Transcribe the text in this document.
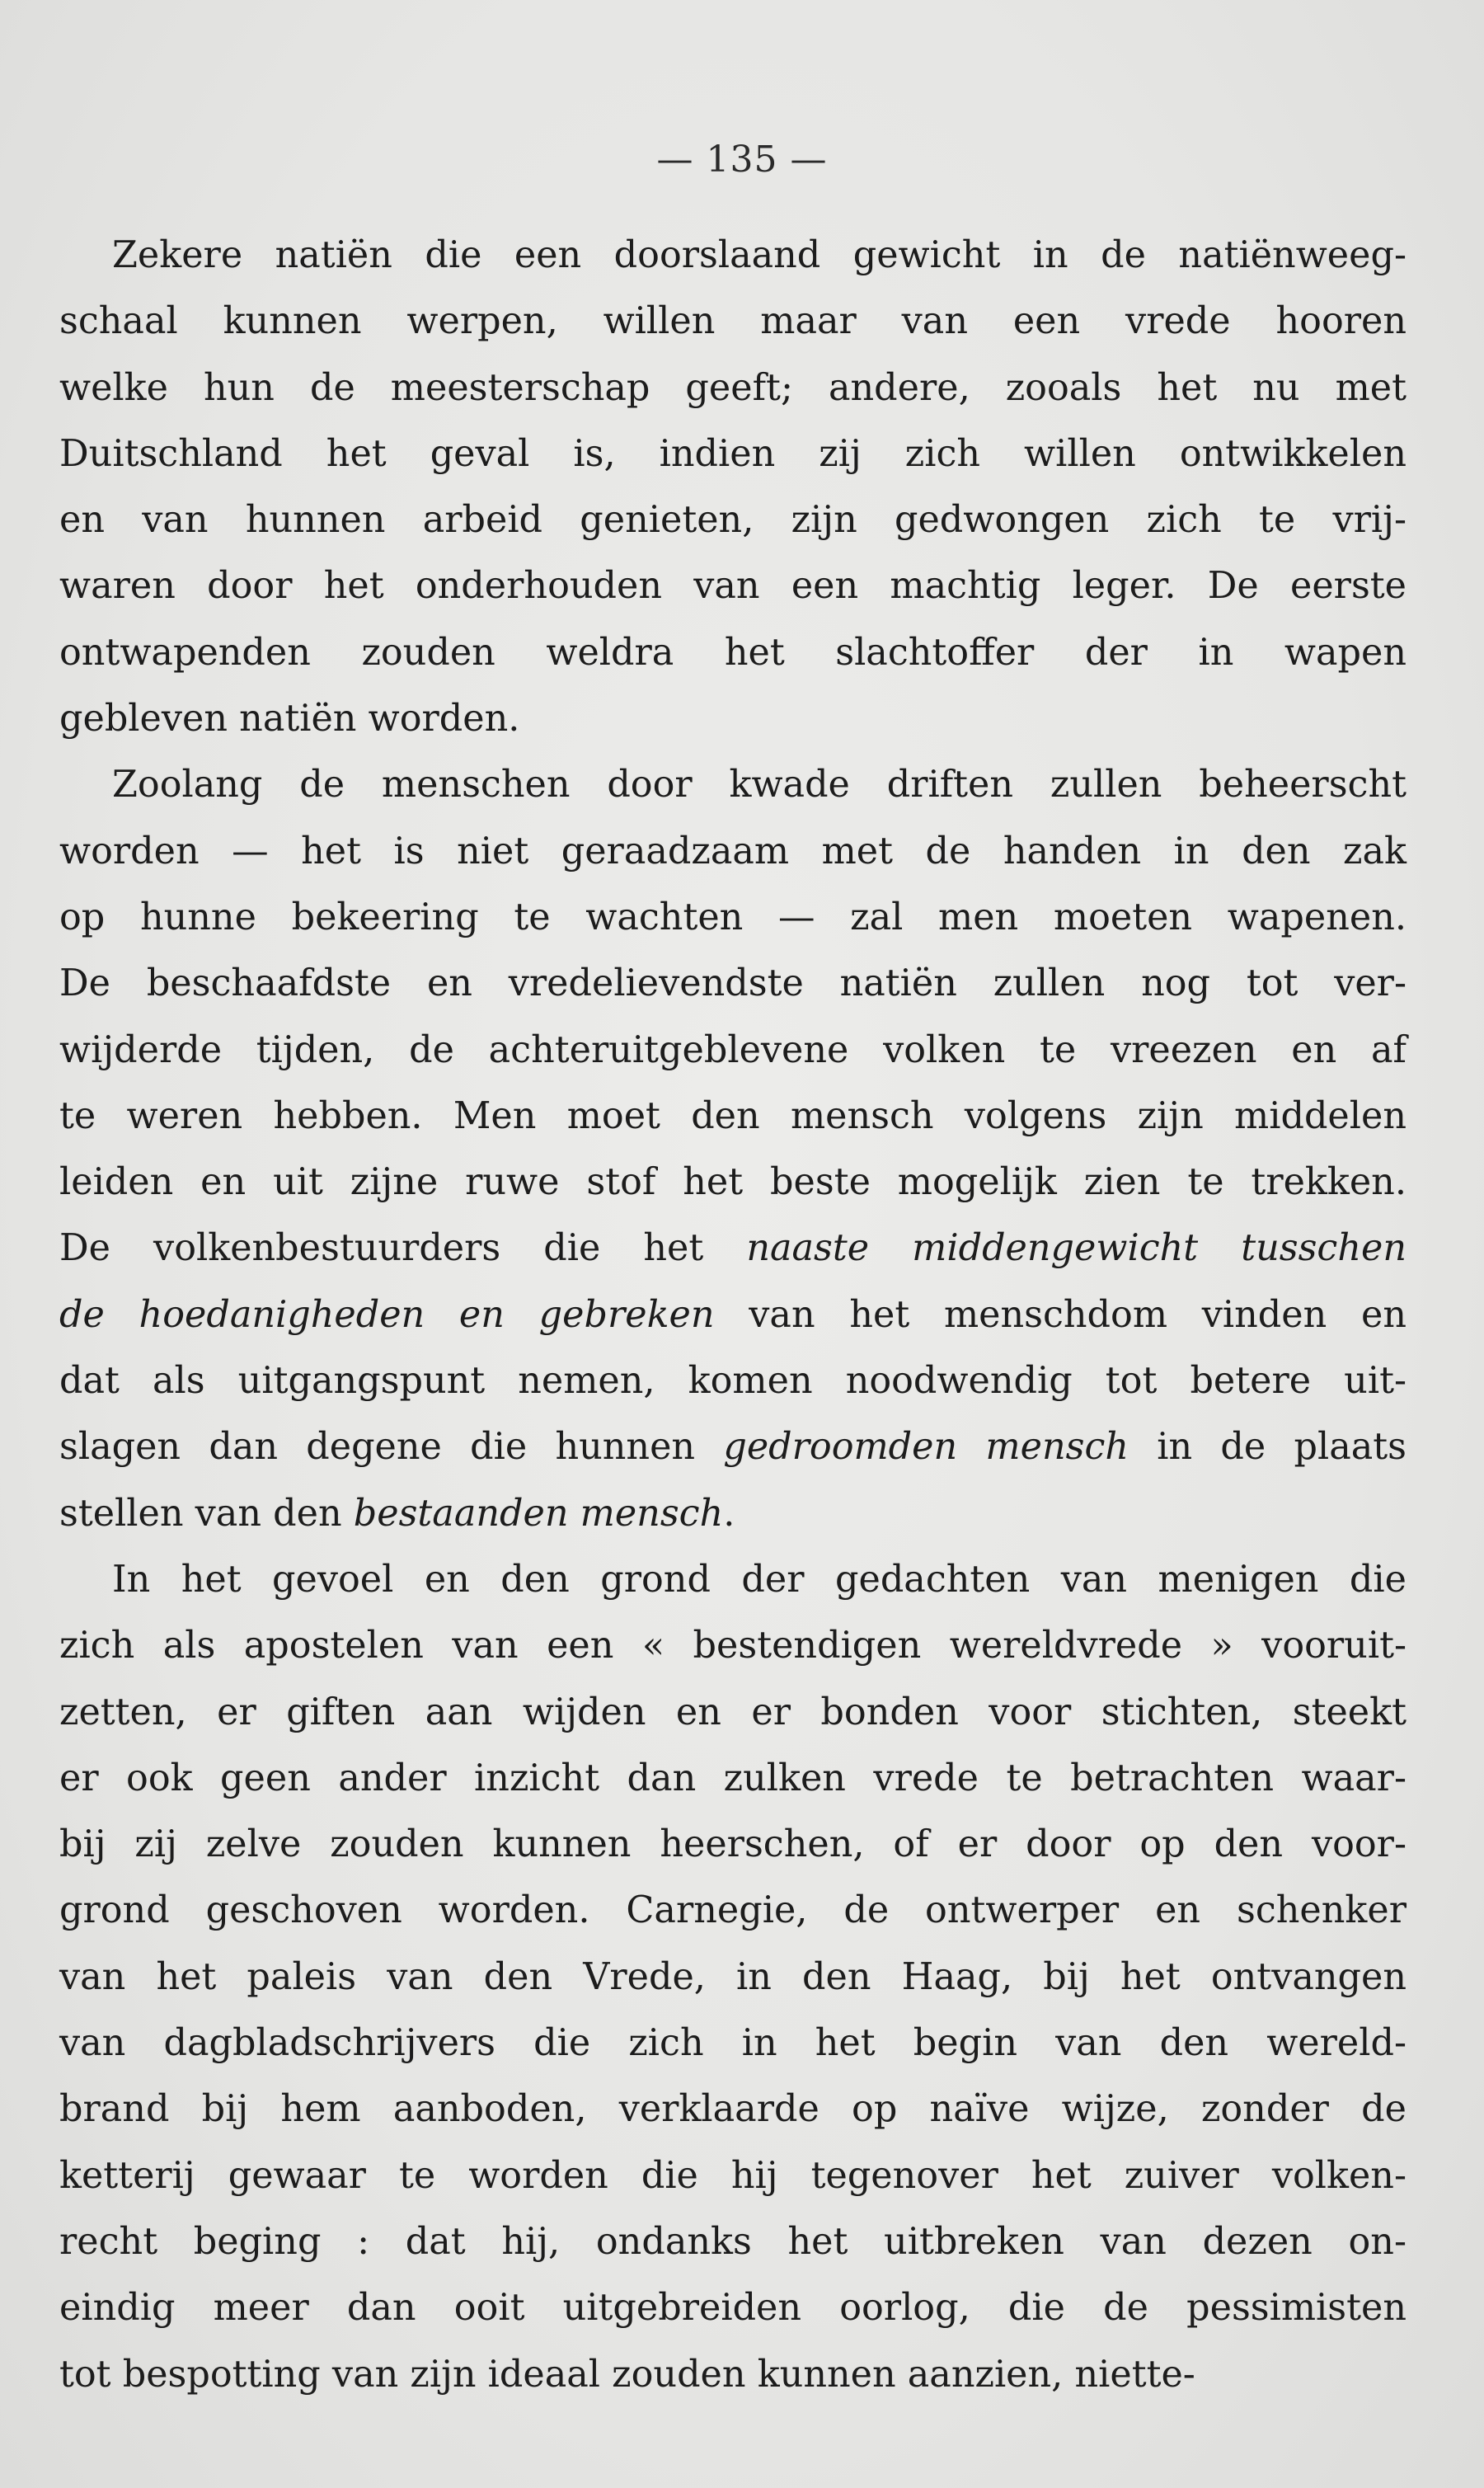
— 135 —
Zekere natiën die een doorslaand gewicht in de natiënweeg-
schaal kunnen werpen, willen maar van een vrede hooren
welke hun de meesterschap geeft; andere, zooals het nu met
Duitschland het geval is, indien zij zich willen ontwikkelen
en van hunnen arbeid genieten, zijn gedwongen zich te vrij-
waren door het onderhouden van een machtig leger. De eerste
ontwapenden zouden weldra het slachtoffer der in wapen
gebleven natiën worden.
Zoolang de menschen door kwade driften zullen beheerscht
worden — het is niet geraadzaam met de handen in den zak
op hunne bekeering te wachten — zal men moeten wapenen.
De beschaafdste en vredelievendste natiën zullen nog tot ver-
wijderde tijden, de achteruitgeblevene volken te vreezen en af
te weren hebben. Men moet den mensch volgens zijn middelen
leiden en uit zijne ruwe stof het beste mogelijk zien te trekken.
De volkenbestuurders die het naaste middengewicht tusschen
de hoedanigheden en gebreken van het menschdom vinden en
dat als uitgangspunt nemen, komen noodwendig tot betere uit-
slagen dan degene die hunnen gedroomden mensch in de plaats
stellen van den bestaanden mensch.
In het gevoel en den grond der gedachten van menigen die
zich als apostelen van een « bestendigen wereldvrede » vooruit-
zetten, er giften aan wijden en er bonden voor stichten, steekt
er ook geen ander inzicht dan zulken vrede te betrachten waar-
bij zij zelve zouden kunnen heerschen, of er door op den voor-
grond geschoven worden. Carnegie, de ontwerper en schenker
van het paleis van den Vrede, in den Haag, bij het ontvangen
van dagbladschrijvers die zich in het begin van den wereld-
brand bij hem aanboden, verklaarde op naïve wijze, zonder de
ketterij gewaar te worden die hij tegenover het zuiver volken-
recht beging : dat hij, ondanks het uitbreken van dezen on-
eindig meer dan ooit uitgebreiden oorlog, die de pessimisten
tot bespotting van zijn ideaal zouden kunnen aanzien, niette-
